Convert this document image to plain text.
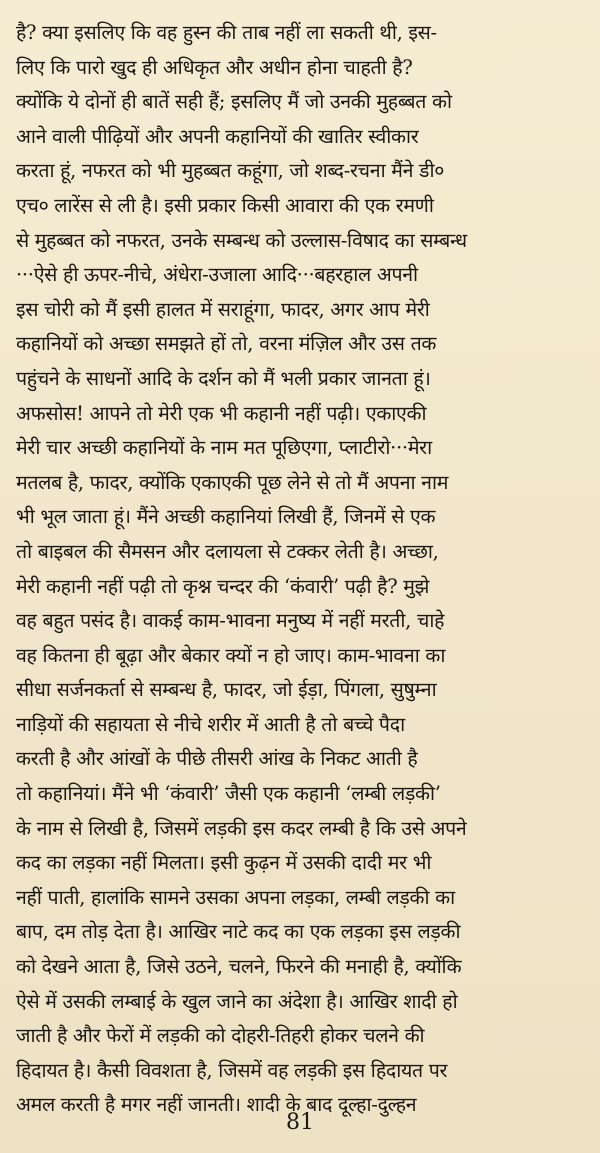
है? क्या इसलिए कि वह हुस्न की ताब नहीं ला सकती थी, इस-
लिए कि पारो खुद ही अधिकृत और अधीन होना चाहती है?
क्योंकि ये दोनों ही बातें सही हैं; इसलिए मैं जो उनकी मुहब्बत को
आने वाली पीढ़ियों और अपनी कहानियों की खातिर स्वीकार
करता हूं, नफरत को भी मुहब्बत कहूंगा, जो शब्द-रचना मैंने डी०
एच० लारेंस से ली है। इसी प्रकार किसी आवारा की एक रमणी
से मुहब्बत को नफरत, उनके सम्बन्ध को उल्लास-विषाद का सम्बन्ध
···ऐसे ही ऊपर-नीचे, अंधेरा-उजाला आदि···बहरहाल अपनी
इस चोरी को मैं इसी हालत में सराहूंगा, फादर, अगर आप मेरी
कहानियों को अच्छा समझते हों तो, वरना मंज़िल और उस तक
पहुंचने के साधनों आदि के दर्शन को मैं भली प्रकार जानता हूं।
अफसोस! आपने तो मेरी एक भी कहानी नहीं पढ़ी। एकाएकी
मेरी चार अच्छी कहानियों के नाम मत पूछिएगा, प्लाटीरो···मेरा
मतलब है, फादर, क्योंकि एकाएकी पूछ लेने से तो मैं अपना नाम
भी भूल जाता हूं। मैंने अच्छी कहानियां लिखी हैं, जिनमें से एक
तो बाइबल की सैमसन और दलायला से टक्कर लेती है। अच्छा,
मेरी कहानी नहीं पढ़ी तो कृश्न चन्दर की ‘कंवारी’ पढ़ी है? मुझे
वह बहुत पसंद है। वाकई काम-भावना मनुष्य में नहीं मरती, चाहे
वह कितना ही बूढ़ा और बेकार क्यों न हो जाए। काम-भावना का
सीधा सर्जनकर्ता से सम्बन्ध है, फादर, जो ईड़ा, पिंगला, सुषुम्ना
नाड़ियों की सहायता से नीचे शरीर में आती है तो बच्चे पैदा
करती है और आंखों के पीछे तीसरी आंख के निकट आती है
तो कहानियां। मैंने भी ‘कंवारी’ जैसी एक कहानी ‘लम्बी लड़की’
के नाम से लिखी है, जिसमें लड़की इस कदर लम्बी है कि उसे अपने
कद का लड़का नहीं मिलता। इसी कुढ़न में उसकी दादी मर भी
नहीं पाती, हालांकि सामने उसका अपना लड़का, लम्बी लड़की का
बाप, दम तोड़ देता है। आखिर नाटे कद का एक लड़का इस लड़की
को देखने आता है, जिसे उठने, चलने, फिरने की मनाही है, क्योंकि
ऐसे में उसकी लम्बाई के खुल जाने का अंदेशा है। आखिर शादी हो
जाती है और फेरों में लड़की को दोहरी-तिहरी होकर चलने की
हिदायत है। कैसी विवशता है, जिसमें वह लड़की इस हिदायत पर
अमल करती है मगर नहीं जानती। शादी के बाद दूल्हा-दुल्हन
81
